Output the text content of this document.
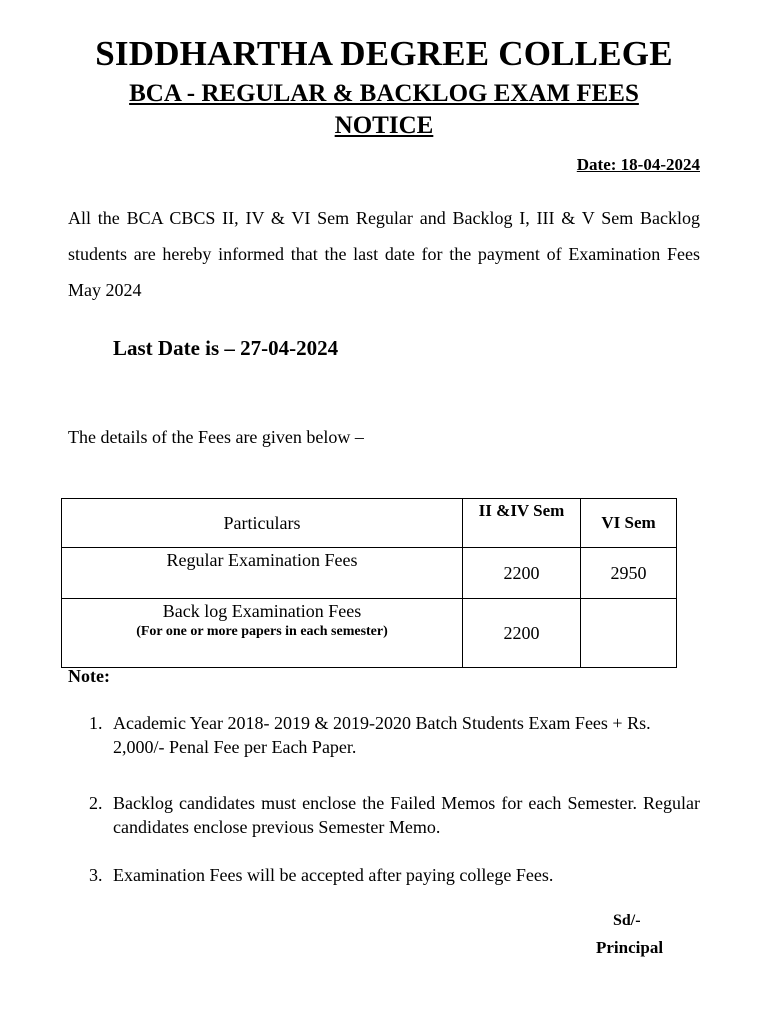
SIDDHARTHA DEGREE COLLEGE
BCA - REGULAR & BACKLOG EXAM FEES
NOTICE
Date: 18-04-2024
All the BCA CBCS II, IV & VI Sem Regular and Backlog I, III & V Sem Backlog students are hereby informed that the last date for the payment of Examination Fees May 2024
Last Date is – 27-04-2024
The details of the Fees are given below –
Particulars	II &IV Sem	VI Sem
Regular Examination Fees	2200	2950
Back log Examination Fees
(For one or more papers in each semester)	2200	
Note:
1. Academic Year 2018- 2019 & 2019-2020 Batch Students Exam Fees + Rs. 2,000/- Penal Fee per Each Paper.
2. Backlog candidates must enclose the Failed Memos for each Semester. Regular candidates enclose previous Semester Memo.
3. Examination Fees will be accepted after paying college Fees.
Sd/-
Principal
